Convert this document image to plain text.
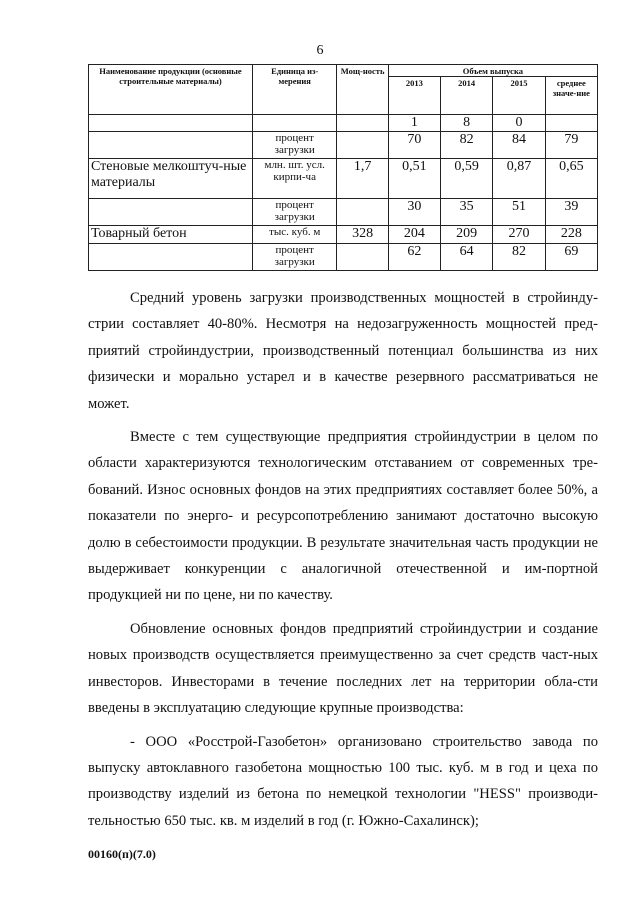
6
Наименование продукции (основные строительные материалы)	Единица из-мерения	Мощ-ность	Объем выпуска			
			2013	2014	2015	среднее значе-ние
			1	8	0	
	процент загрузки		70	82	84	79
Стеновые мелкоштуч-ные материалы	млн. шт. усл. кирпи-ча	1,7	0,51	0,59	0,87	0,65
	процент загрузки		30	35	51	39
Товарный бетон	тыс. куб. м	328	204	209	270	228
	процент загрузки		62	64	82	69

Средний уровень загрузки производственных мощностей в стройинду-стрии составляет 40-80%. Несмотря на недозагруженность мощностей пред-приятий стройиндустрии, производственный потенциал большинства из них физически и морально устарел и в качестве резервного рассматриваться не может.

Вместе с тем существующие предприятия стройиндустрии в целом по области характеризуются технологическим отставанием от современных тре-бований. Износ основных фондов на этих предприятиях составляет более 50%, а показатели по энерго- и ресурсопотреблению занимают достаточно высокую долю в себестоимости продукции. В результате значительная часть продукции не выдерживает конкуренции с аналогичной отечественной и им-портной продукцией ни по цене, ни по качеству.

Обновление основных фондов предприятий стройиндустрии и создание новых производств осуществляется преимущественно за счет средств част-ных инвесторов. Инвесторами в течение последних лет на территории обла-сти введены в эксплуатацию следующие крупные производства:

- ООО «Росстрой-Газобетон» организовано строительство завода по выпуску автоклавного газобетона мощностью 100 тыс. куб. м в год и цеха по производству изделий из бетона по немецкой технологии "HESS" производи-тельностью 650 тыс. кв. м изделий в год (г. Южно-Сахалинск);

00160(п)(7.0)
